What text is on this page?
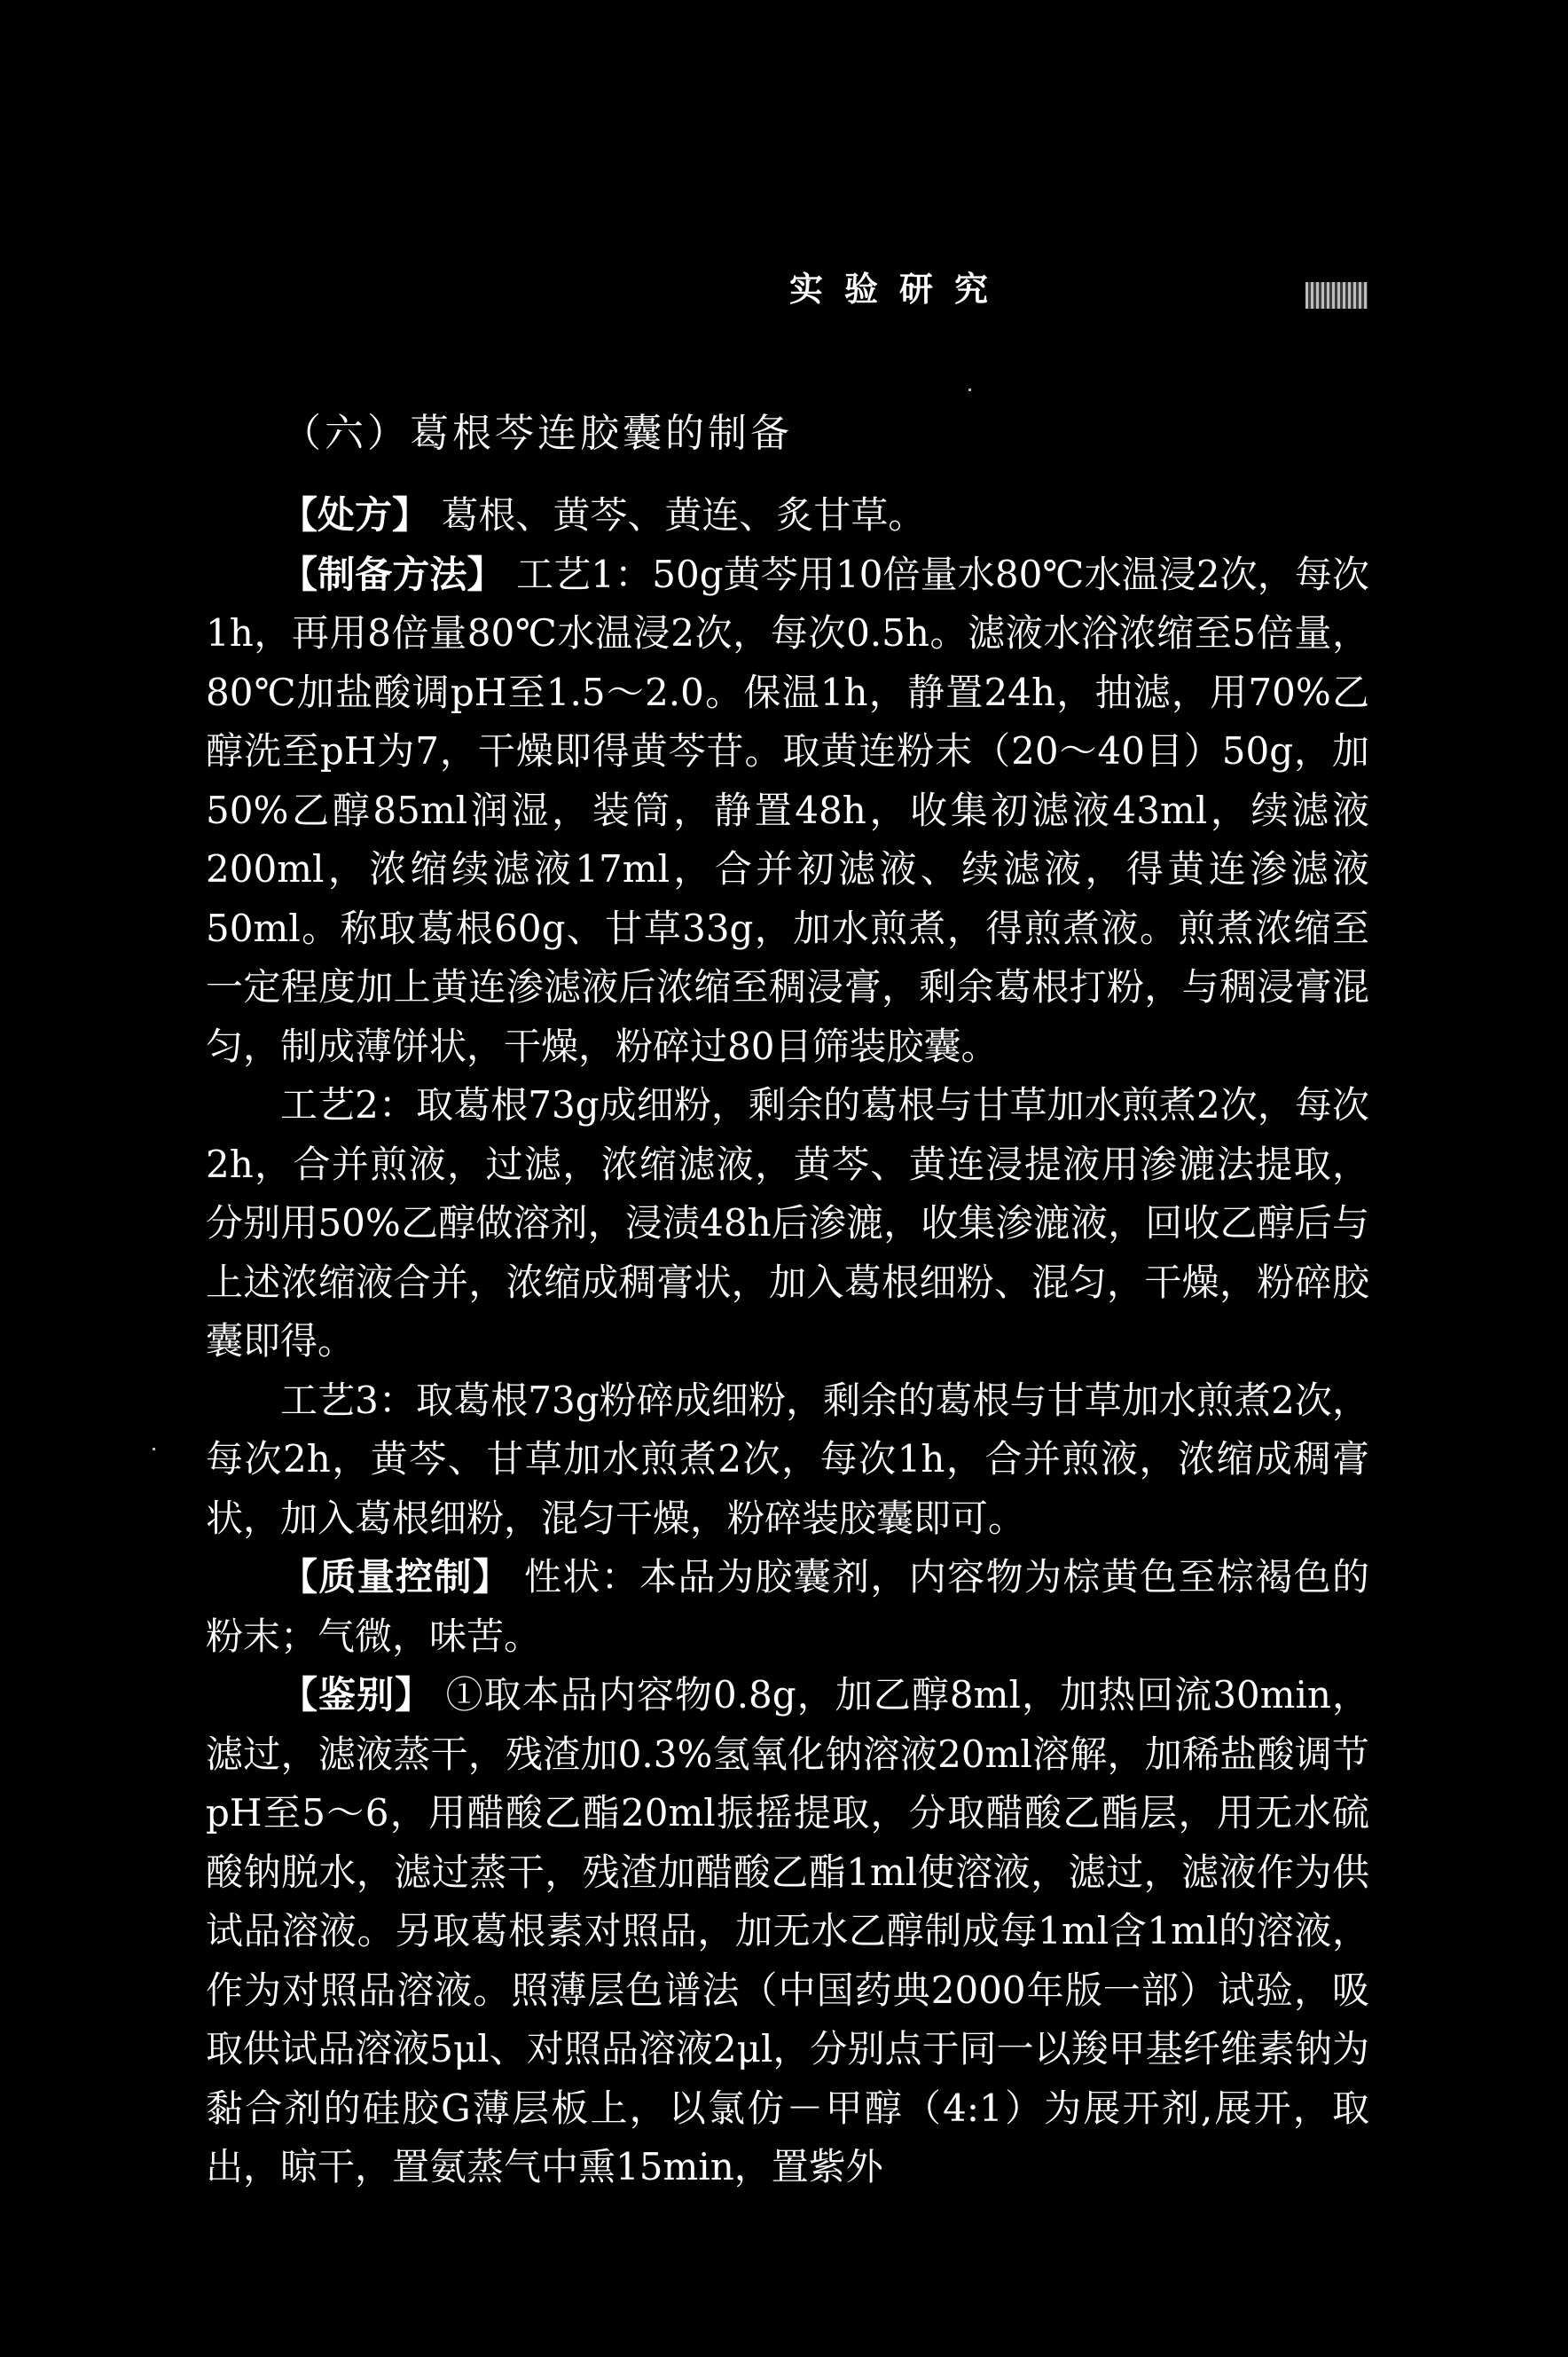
实验研究
（六）葛根芩连胶囊的制备

【处方】 葛根、黄芩、黄连、炙甘草。

【制备方法】 工艺1：50g黄芩用10倍量水80℃水温浸2次，每次1h，再用8倍量80℃水温浸2次，每次0.5h。滤液水浴浓缩至5倍量，80℃加盐酸调pH至1.5～2.0。保温1h，静置24h，抽滤，用70%乙醇洗至pH为7，干燥即得黄芩苷。取黄连粉末（20～40目）50g，加50%乙醇85ml润湿，装筒，静置48h，收集初滤液43ml，续滤液200ml，浓缩续滤液17ml，合并初滤液、续滤液，得黄连渗滤液50ml。称取葛根60g、甘草33g，加水煎煮，得煎煮液。煎煮浓缩至一定程度加上黄连渗滤液后浓缩至稠浸膏，剩余葛根打粉，与稠浸膏混匀，制成薄饼状，干燥，粉碎过80目筛装胶囊。

工艺2：取葛根73g成细粉，剩余的葛根与甘草加水煎煮2次，每次2h，合并煎液，过滤，浓缩滤液，黄芩、黄连浸提液用渗漉法提取，分别用50%乙醇做溶剂，浸渍48h后渗漉，收集渗漉液，回收乙醇后与上述浓缩液合并，浓缩成稠膏状，加入葛根细粉、混匀，干燥，粉碎胶囊即得。

工艺3：取葛根73g粉碎成细粉，剩余的葛根与甘草加水煎煮2次，每次2h，黄芩、甘草加水煎煮2次，每次1h，合并煎液，浓缩成稠膏状，加入葛根细粉，混匀干燥，粉碎装胶囊即可。

【质量控制】 性状：本品为胶囊剂，内容物为棕黄色至棕褐色的粉末；气微，味苦。

【鉴别】 ①取本品内容物0.8g，加乙醇8ml，加热回流30min，滤过，滤液蒸干，残渣加0.3%氢氧化钠溶液20ml溶解，加稀盐酸调节pH至5～6，用醋酸乙酯20ml振摇提取，分取醋酸乙酯层，用无水硫酸钠脱水，滤过蒸干，残渣加醋酸乙酯1ml使溶液，滤过，滤液作为供试品溶液。另取葛根素对照品，加无水乙醇制成每1ml含1ml的溶液，作为对照品溶液。照薄层色谱法（中国药典2000年版一部）试验，吸取供试品溶液5μl、对照品溶液2μl，分别点于同一以羧甲基纤维素钠为黏合剂的硅胶G薄层板上，以氯仿－甲醇（4:1）为展开剂,展开，取出，晾干，置氨蒸气中熏15min，置紫外
